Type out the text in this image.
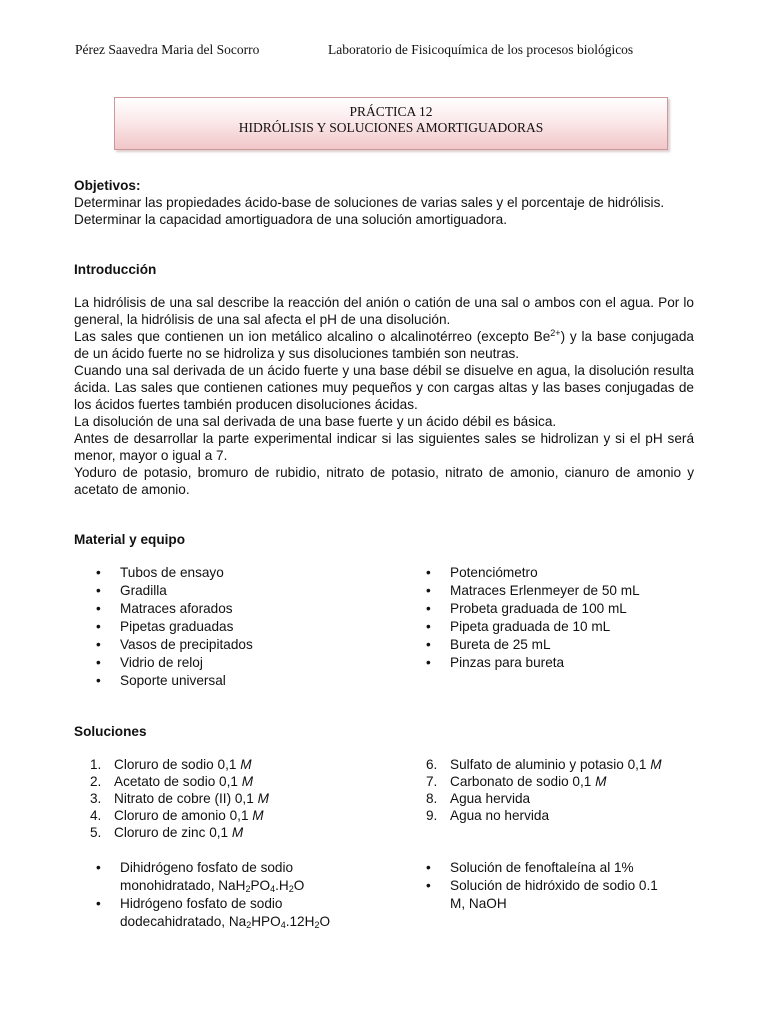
Pérez Saavedra Maria del Socorro	Laboratorio de Fisicoquímica de los procesos biológicos
PRÁCTICA 12
HIDRÓLISIS Y SOLUCIONES AMORTIGUADORAS

Objetivos:

Determinar las propiedades ácido-base de soluciones de varias sales y el porcentaje de hidrólisis.

Determinar la capacidad amortiguadora de una solución amortiguadora.

Introducción

La hidrólisis de una sal describe la reacción del anión o catión de una sal o ambos con el agua. Por lo general, la hidrólisis de una sal afecta el pH de una disolución.

Las sales que contienen un ion metálico alcalino o alcalinotérreo (excepto $Be^{2+}$) y la base conjugada de un ácido fuerte no se hidroliza y sus disoluciones también son neutras.

Cuando una sal derivada de un ácido fuerte y una base débil se disuelve en agua, la disolución resulta ácida. Las sales que contienen cationes muy pequeños y con cargas altas y las bases conjugadas de los ácidos fuertes también producen disoluciones ácidas.

La disolución de una sal derivada de una base fuerte y un ácido débil es básica.

Antes de desarrollar la parte experimental indicar si las siguientes sales se hidrolizan y si el pH será menor, mayor o igual a 7.

Yoduro de potasio, bromuro de rubidio, nitrato de potasio, nitrato de amonio, cianuro de amonio y acetato de amonio.

Material y equipo

•	Tubos de ensayo
•	Gradilla
•	Matraces aforados
•	Pipetas graduadas
•	Vasos de precipitados
•	Vidrio de reloj
•	Soporte universal
•	Potenciómetro
•	Matraces Erlenmeyer de 50 mL
•	Probeta graduada de 100 mL
•	Pipeta graduada de 10 mL
•	Bureta de 25 mL
•	Pinzas para bureta

Soluciones

1. Cloruro de sodio 0,1 M
2. Acetato de sodio 0,1 M
3. Nitrato de cobre (II) 0,1 M
4. Cloruro de amonio 0,1 M
5. Cloruro de zinc 0,1 M
6. Sulfato de aluminio y potasio 0,1 M
7. Carbonato de sodio 0,1 M
8. Agua hervida
9. Agua no hervida
•	Dihidrógeno fosfato de sodio
monohidratado, $NaH_2PO_4.H_2O$
•	Hidrógeno fosfato de sodio
dodecahidratado, $Na_2HPO_4.12H_2O$
•	Solución de fenoftaleína al 1%
•	Solución de hidróxido de sodio 0.1
M, NaOH
